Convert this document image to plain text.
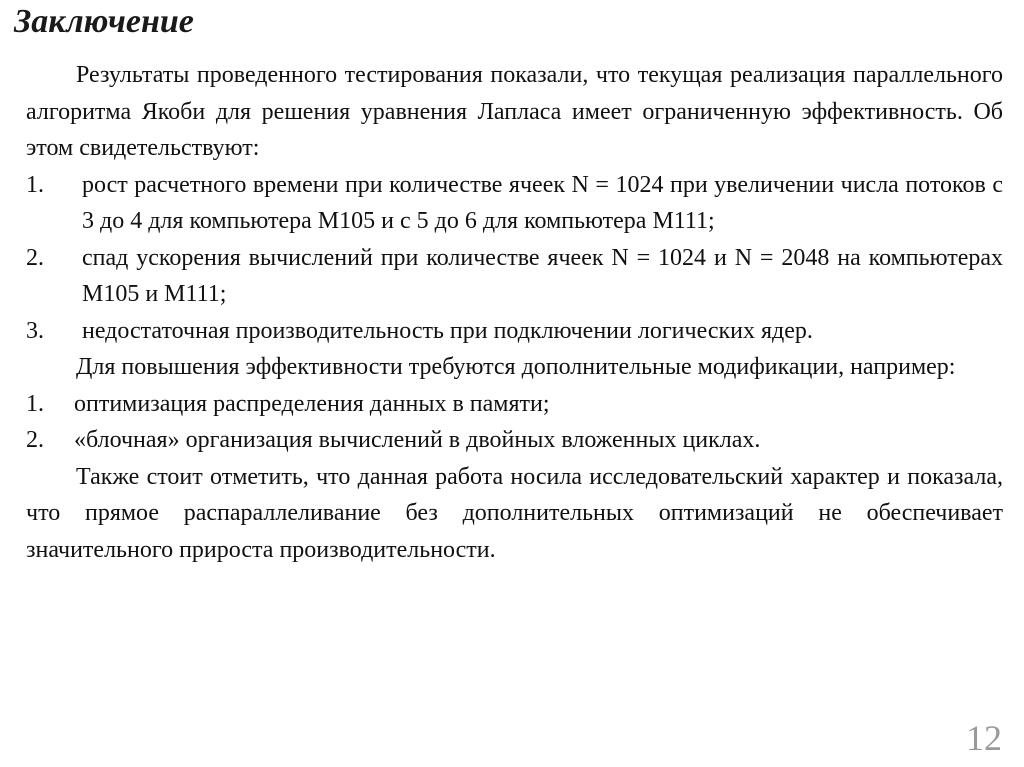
Заключение

Результаты проведенного тестирования показали, что текущая реализация параллельного алгоритма Якоби для решения уравнения Лапласа имеет ограниченную эффективность. Об этом свидетельствуют:

1. рост расчетного времени при количестве ячеек N = 1024 при увеличении числа потоков с 3 до 4 для компьютера M105 и с 5 до 6 для компьютера M111;
2. спад ускорения вычислений при количестве ячеек N = 1024 и N = 2048 на компьютерах M105 и M111;
3. недостаточная производительность при подключении логических ядер.

Для повышения эффективности требуются дополнительные модификации, например:

1. оптимизация распределения данных в памяти;
2. «блочная» организация вычислений в двойных вложенных циклах.

Также стоит отметить, что данная работа носила исследовательский характер и показала, что прямое распараллеливание без дополнительных оптимизаций не обеспечивает значительного прироста производительности.

12
